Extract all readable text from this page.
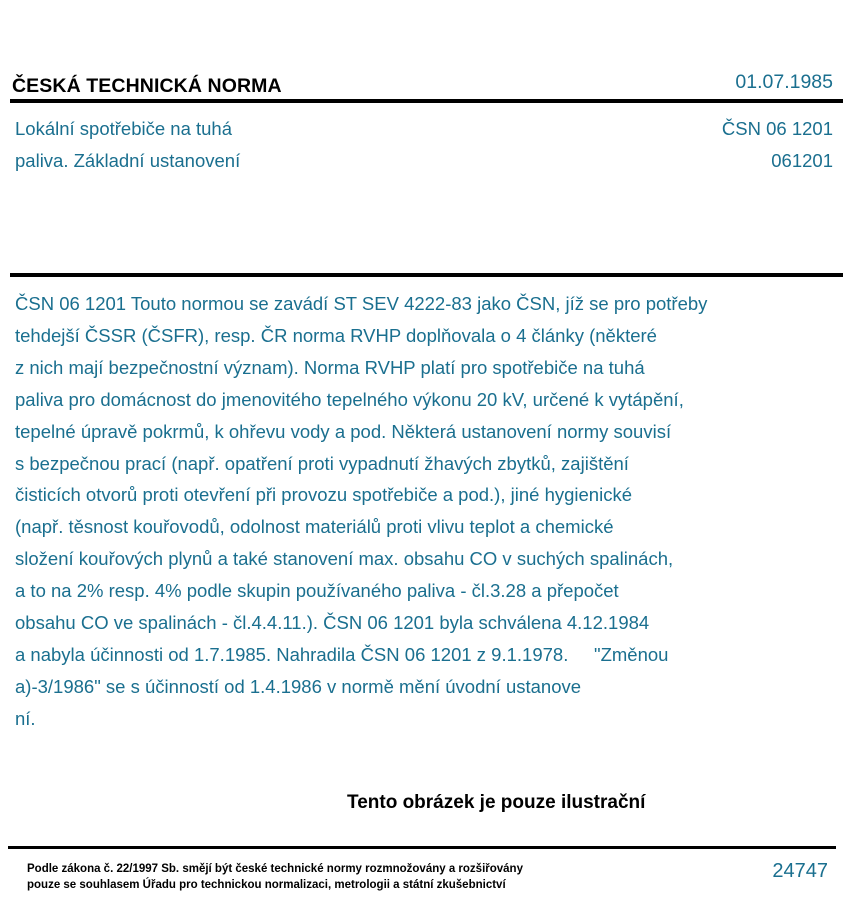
ČESKÁ TECHNICKÁ NORMA	01.07.1985
Lokální spotřebiče na tuhá
paliva. Základní ustanovení
ČSN 06 1201
061201
ČSN 06 1201 Touto normou se zavádí ST SEV 4222-83 jako ČSN, jíž se pro potřeby
tehdejší ČSSR (ČSFR), resp. ČR norma RVHP doplňovala o 4 články (některé
z nich mají bezpečnostní význam). Norma RVHP platí pro spotřebiče na tuhá
paliva pro domácnost do jmenovitého tepelného výkonu 20 kV, určené k vytápění,
tepelné úpravě pokrmů, k ohřevu vody a pod. Některá ustanovení normy souvisí
s bezpečnou prací (např. opatření proti vypadnutí žhavých zbytků, zajištění
čisticích otvorů proti otevření při provozu spotřebiče a pod.), jiné hygienické
(např. těsnost kouřovodů, odolnost materiálů proti vlivu teplot a chemické
složení kouřových plynů a také stanovení max. obsahu CO v suchých spalinách,
a to na 2% resp. 4% podle skupin používaného paliva - čl.3.28 a přepočet
obsahu CO ve spalinách - čl.4.4.11.). ČSN 06 1201 byla schválena 4.12.1984
a nabyla účinnosti od 1.7.1985. Nahradila ČSN 06 1201 z 9.1.1978.     "Změnou
a)-3/1986" se s účinností od 1.4.1986 v normě mění úvodní ustanove
ní.
Tento obrázek je pouze ilustrační
Podle zákona č. 22/1997 Sb. smějí být české technické normy rozmnožovány a rozšiřovány
pouze se souhlasem Úřadu pro technickou normalizaci, metrologii a státní zkušebnictví
24747
